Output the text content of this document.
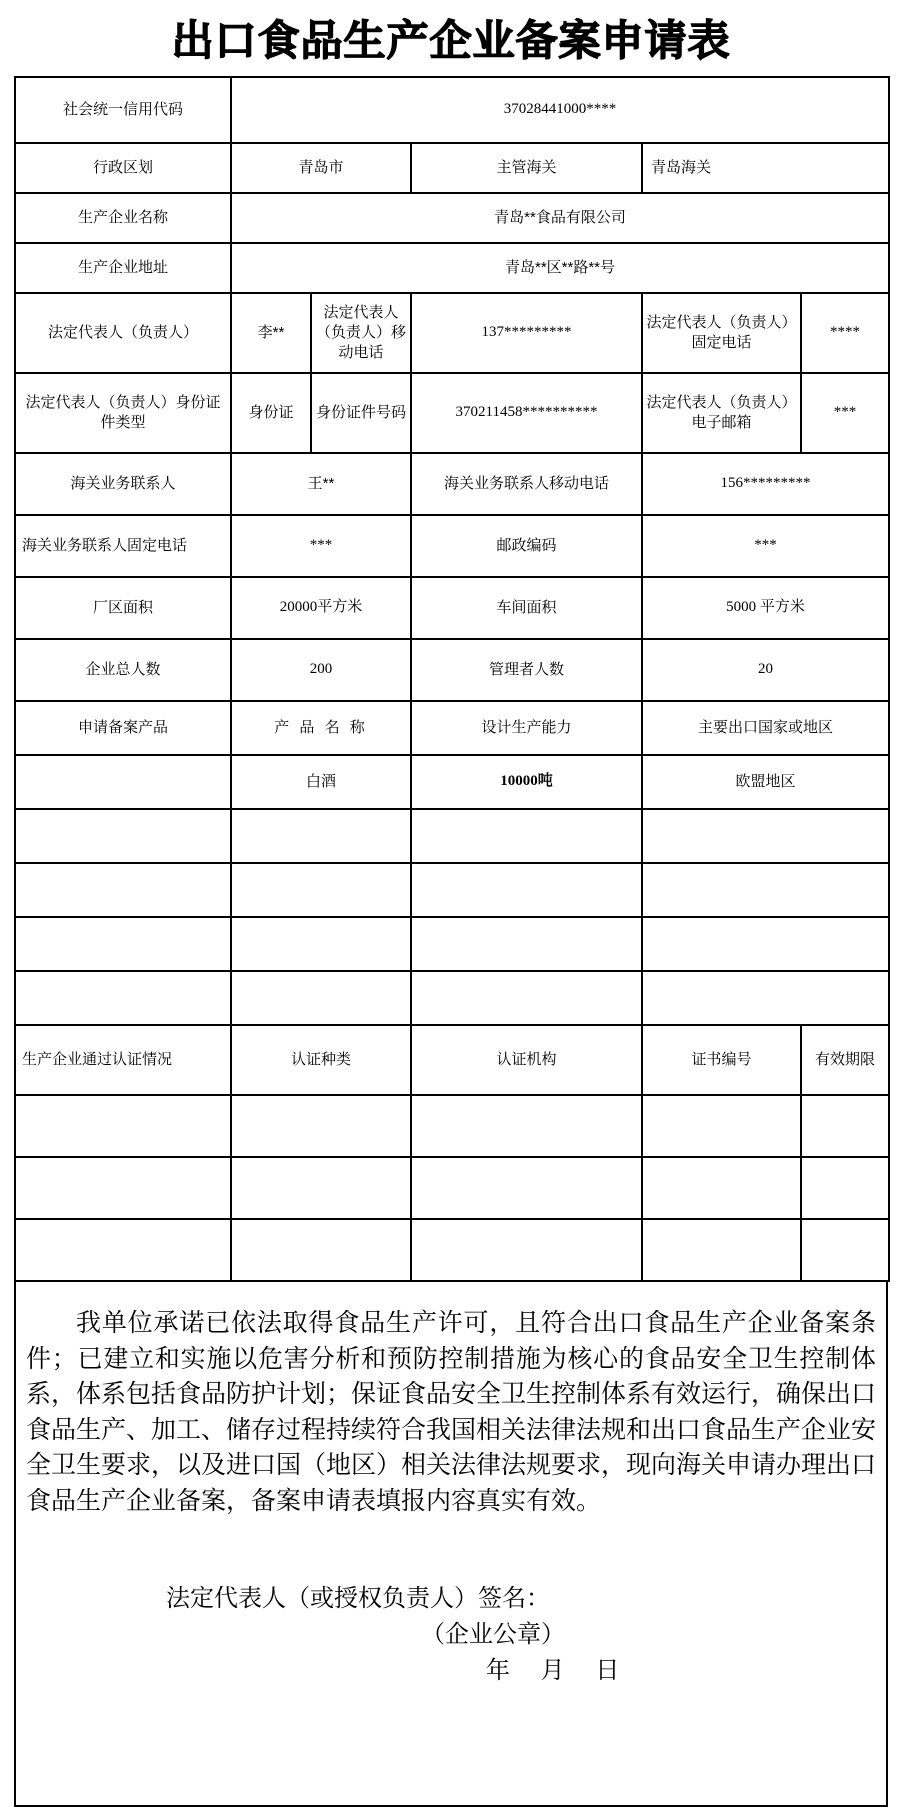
出口食品生产企业备案申请表
社会统一信用代码	37028441000****				
行政区划	青岛市		主管海关	青岛海关	
生产企业名称	青岛**食品有限公司				
生产企业地址	青岛**区**路**号				
法定代表人（负责人）	李**	法定代表人（负责人）移动电话	137*********	法定代表人（负责人）固定电话	****
法定代表人（负责人）身份证件类型	身份证	身份证件号码	370211458**********	法定代表人（负责人）电子邮箱	***
海关业务联系人	王**		海关业务联系人移动电话	156*********	
海关业务联系人固定电话	***		邮政编码	***	
厂区面积	20000平方米		车间面积	5000 平方米	
企业总人数	200		管理者人数	20	
申请备案产品	产 品 名 称		设计生产能力	主要出口国家或地区	
	白酒		10000吨	欧盟地区	

生产企业通过认证情况	认证种类		认证机构	证书编号	有效期限

我单位承诺已依法取得食品生产许可，且符合出口食品生产企业备案条件；已建立和实施以危害分析和预防控制措施为核心的食品安全卫生控制体系，体系包括食品防护计划；保证食品安全卫生控制体系有效运行，确保出口食品生产、加工、储存过程持续符合我国相关法律法规和出口食品生产企业安全卫生要求，以及进口国（地区）相关法律法规要求，现向海关申请办理出口食品生产企业备案，备案申请表填报内容真实有效。

法定代表人（或授权负责人）签名：
（企业公章）
年 月 日
